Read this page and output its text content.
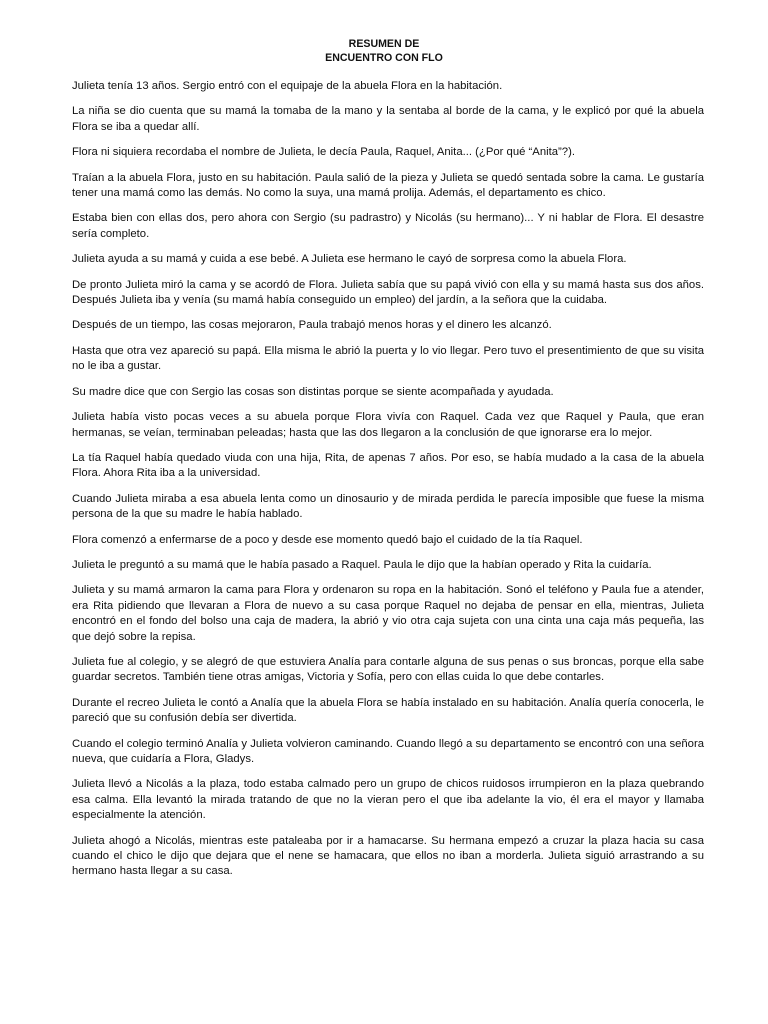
RESUMEN DE
ENCUENTRO CON FLO

Julieta tenía 13 años. Sergio entró con el equipaje de la abuela Flora en la habitación.

La niña se dio cuenta que su mamá la tomaba de la mano y la sentaba al borde de la cama, y le explicó por qué la abuela Flora se iba a quedar allí.

Flora ni siquiera recordaba el nombre de Julieta, le decía Paula, Raquel, Anita... (¿Por qué “Anita”?).

Traían a la abuela Flora, justo en su habitación. Paula salió de la pieza y Julieta se quedó sentada sobre la cama. Le gustaría tener una mamá como las demás. No como la suya, una mamá prolija. Además, el departamento es chico.

Estaba bien con ellas dos, pero ahora con Sergio (su padrastro) y Nicolás (su hermano)... Y ni hablar de Flora. El desastre sería completo.

Julieta ayuda a su mamá y cuida a ese bebé. A Julieta ese hermano le cayó de sorpresa como la abuela Flora.

De pronto Julieta miró la cama y se acordó de Flora. Julieta sabía que su papá vivió con ella y su mamá hasta sus dos años. Después Julieta iba y venía (su mamá había conseguido un empleo) del jardín, a la señora que la cuidaba.

Después de un tiempo, las cosas mejoraron, Paula trabajó menos horas y el dinero les alcanzó.

Hasta que otra vez apareció su papá. Ella misma le abrió la puerta y lo vio llegar. Pero tuvo el presentimiento de que su visita no le iba a gustar.

Su madre dice que con Sergio las cosas son distintas porque se siente acompañada y ayudada.

Julieta había visto pocas veces a su abuela porque Flora vivía con Raquel. Cada vez que Raquel y Paula, que eran hermanas, se veían, terminaban peleadas; hasta que las dos llegaron a la conclusión de que ignorarse era lo mejor.

La tía Raquel había quedado viuda con una hija, Rita, de apenas 7 años. Por eso, se había mudado a la casa de la abuela Flora. Ahora Rita iba a la universidad.

Cuando Julieta miraba a esa abuela lenta como un dinosaurio y de mirada perdida le parecía imposible que fuese la misma persona de la que su madre le había hablado.

Flora comenzó a enfermarse de a poco y desde ese momento quedó bajo el cuidado de la tía Raquel.

Julieta le preguntó a su mamá que le había pasado a Raquel. Paula le dijo que la habían operado y Rita la cuidaría.

Julieta y su mamá armaron la cama para Flora y ordenaron su ropa en la habitación. Sonó el teléfono y Paula fue a atender, era Rita pidiendo que llevaran a Flora de nuevo a su casa porque Raquel no dejaba de pensar en ella, mientras, Julieta encontró en el fondo del bolso una caja de madera, la abrió y vio otra caja sujeta con una cinta una caja más pequeña, las que dejó sobre la repisa.

Julieta fue al colegio, y se alegró de que estuviera Analía para contarle alguna de sus penas o sus broncas, porque ella sabe guardar secretos. También tiene otras amigas, Victoria y Sofía, pero con ellas cuida lo que debe contarles.

Durante el recreo Julieta le contó a Analía que la abuela Flora se había instalado en su habitación. Analía quería conocerla, le pareció que su confusión debía ser divertida.

Cuando el colegio terminó Analía y Julieta volvieron caminando. Cuando llegó a su departamento se encontró con una señora nueva, que cuidaría a Flora, Gladys.

Julieta llevó a Nicolás a la plaza, todo estaba calmado pero un grupo de chicos ruidosos irrumpieron en la plaza quebrando esa calma. Ella levantó la mirada tratando de que no la vieran pero el que iba adelante la vio, él era el mayor y llamaba especialmente la atención.

Julieta ahogó a Nicolás, mientras este pataleaba por ir a hamacarse. Su hermana empezó a cruzar la plaza hacia su casa cuando el chico le dijo que dejara que el nene se hamacara, que ellos no iban a morderla. Julieta siguió arrastrando a su hermano hasta llegar a su casa.
